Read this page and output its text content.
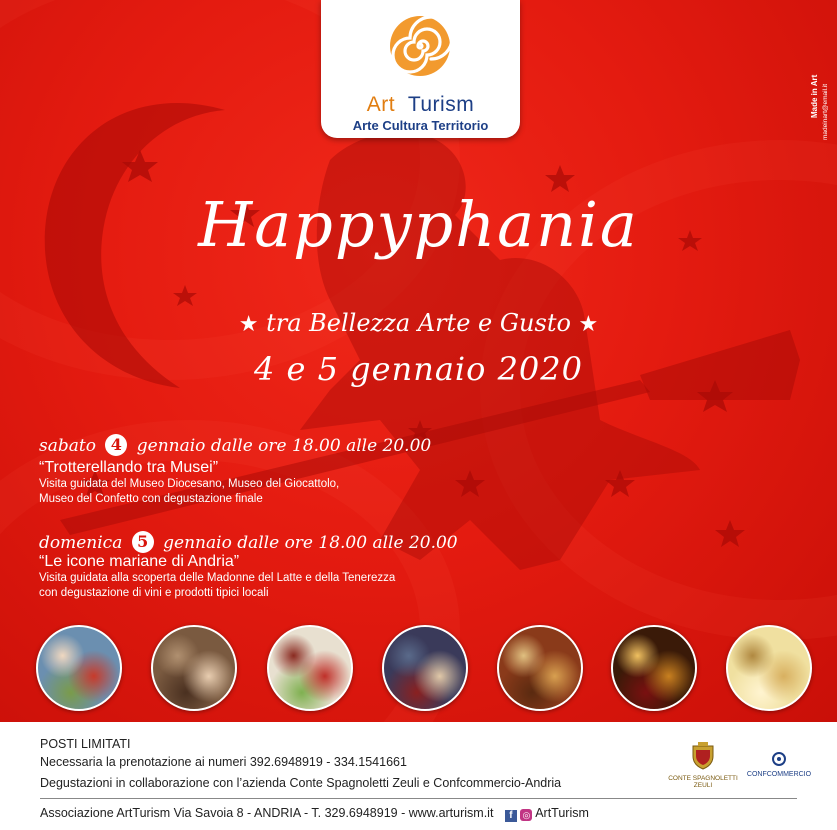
Art Turism
Arte Cultura Territorio
Made in Art madeinart@email.it
Happyphania
★ tra Bellezza Arte e Gusto ★
4 e 5 gennaio 2020
sabato 4 gennaio dalle ore 18.00 alle 20.00
“Trotterellando tra Musei”
Visita guidata del Museo Diocesano, Museo del Giocattolo,
Museo del Confetto con degustazione finale
domenica 5 gennaio dalle ore 18.00 alle 20.00
“Le icone mariane di Andria”
Visita guidata alla scoperta delle Madonne del Latte e della Tenerezza
con degustazione di vini e prodotti tipici locali
POSTI LIMITATI
Necessaria la prenotazione ai numeri 392.6948919 - 334.1541661
Degustazioni in collaborazione con l’azienda Conte Spagnoletti Zeuli e Confcommercio-Andria
Associazione ArtTurism Via Savoia 8 - ANDRIA - T. 329.6948919 - www.arturism.it f ◎ ArtTurism
CONTE SPAGNOLETTI ZEULI
CONFCOMMERCIO
